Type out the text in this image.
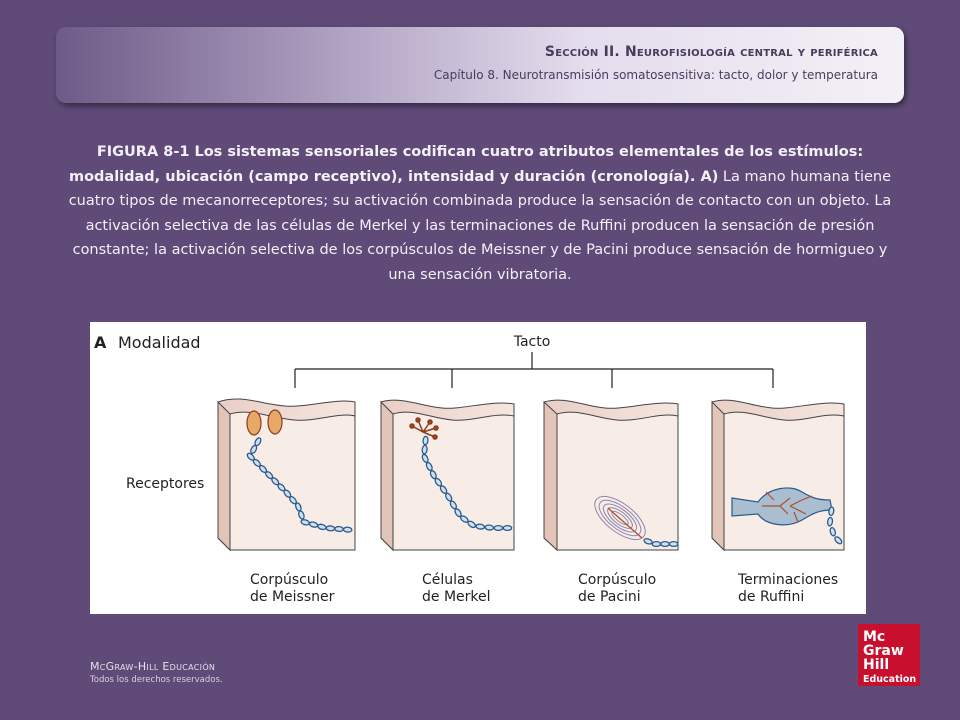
Sección II. Neurofisiología central y periférica
Capítulo 8. Neurotransmisión somatosensitiva: tacto, dolor y temperatura
FIGURA 8-1 Los sistemas sensoriales codifican cuatro atributos elementales de los estímulos: modalidad, ubicación (campo receptivo), intensidad y duración (cronología). A) La mano humana tiene cuatro tipos de mecanorreceptores; su activación combinada produce la sensación de contacto con un objeto. La activación selectiva de las células de Merkel y las terminaciones de Ruffini producen la sensación de presión constante; la activación selectiva de los corpúsculos de Meissner y de Pacini produce sensación de hormigueo y una sensación vibratoria.
A Modalidad	Tacto
Receptores
Corpúsculo
de Meissner
Células
de Merkel
Corpúsculo
de Pacini
Terminaciones
de Ruffini
McGraw-Hill Educación
Todos los derechos reservados.
Mc
Graw
Hill
Education
